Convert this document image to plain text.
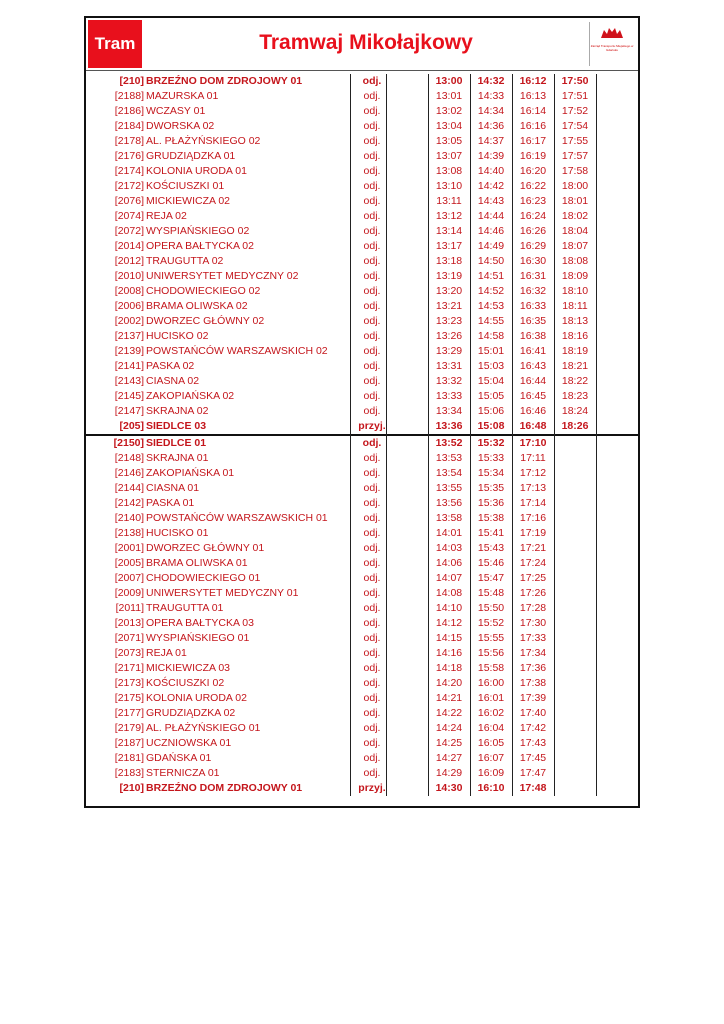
Tram	Tramwaj Mikołajkowy	Zarząd Transportu Miejskiego w Gdańsku
[210] BRZEŹNO DOM ZDROJOWY 01	odj.	13:00	14:32	16:12	17:50
[2188] MAZURSKA 01	odj.	13:01	14:33	16:13	17:51
[2186] WCZASY 01	odj.	13:02	14:34	16:14	17:52
[2184] DWORSKA 02	odj.	13:04	14:36	16:16	17:54
[2178] AL. PŁAŻYŃSKIEGO 02	odj.	13:05	14:37	16:17	17:55
[2176] GRUDZIĄDZKA 01	odj.	13:07	14:39	16:19	17:57
[2174] KOLONIA URODA 01	odj.	13:08	14:40	16:20	17:58
[2172] KOŚCIUSZKI 01	odj.	13:10	14:42	16:22	18:00
[2076] MICKIEWICZA 02	odj.	13:11	14:43	16:23	18:01
[2074] REJA 02	odj.	13:12	14:44	16:24	18:02
[2072] WYSPIAŃSKIEGO 02	odj.	13:14	14:46	16:26	18:04
[2014] OPERA BAŁTYCKA 02	odj.	13:17	14:49	16:29	18:07
[2012] TRAUGUTTA 02	odj.	13:18	14:50	16:30	18:08
[2010] UNIWERSYTET MEDYCZNY 02	odj.	13:19	14:51	16:31	18:09
[2008] CHODOWIECKIEGO 02	odj.	13:20	14:52	16:32	18:10
[2006] BRAMA OLIWSKA 02	odj.	13:21	14:53	16:33	18:11
[2002] DWORZEC GŁÓWNY 02	odj.	13:23	14:55	16:35	18:13
[2137] HUCISKO 02	odj.	13:26	14:58	16:38	18:16
[2139] POWSTAŃCÓW WARSZAWSKICH 02	odj.	13:29	15:01	16:41	18:19
[2141] PASKA 02	odj.	13:31	15:03	16:43	18:21
[2143] CIASNA 02	odj.	13:32	15:04	16:44	18:22
[2145] ZAKOPIAŃSKA 02	odj.	13:33	15:05	16:45	18:23
[2147] SKRAJNA 02	odj.	13:34	15:06	16:46	18:24
[205] SIEDLCE 03	przyj.	13:36	15:08	16:48	18:26
[2150] SIEDLCE 01	odj.	13:52	15:32	17:10
[2148] SKRAJNA 01	odj.	13:53	15:33	17:11
[2146] ZAKOPIAŃSKA 01	odj.	13:54	15:34	17:12
[2144] CIASNA 01	odj.	13:55	15:35	17:13
[2142] PASKA 01	odj.	13:56	15:36	17:14
[2140] POWSTAŃCÓW WARSZAWSKICH 01	odj.	13:58	15:38	17:16
[2138] HUCISKO 01	odj.	14:01	15:41	17:19
[2001] DWORZEC GŁÓWNY 01	odj.	14:03	15:43	17:21
[2005] BRAMA OLIWSKA 01	odj.	14:06	15:46	17:24
[2007] CHODOWIECKIEGO 01	odj.	14:07	15:47	17:25
[2009] UNIWERSYTET MEDYCZNY 01	odj.	14:08	15:48	17:26
[2011] TRAUGUTTA 01	odj.	14:10	15:50	17:28
[2013] OPERA BAŁTYCKA 03	odj.	14:12	15:52	17:30
[2071] WYSPIAŃSKIEGO 01	odj.	14:15	15:55	17:33
[2073] REJA 01	odj.	14:16	15:56	17:34
[2171] MICKIEWICZA 03	odj.	14:18	15:58	17:36
[2173] KOŚCIUSZKI 02	odj.	14:20	16:00	17:38
[2175] KOLONIA URODA 02	odj.	14:21	16:01	17:39
[2177] GRUDZIĄDZKA 02	odj.	14:22	16:02	17:40
[2179] AL. PŁAŻYŃSKIEGO 01	odj.	14:24	16:04	17:42
[2187] UCZNIOWSKA 01	odj.	14:25	16:05	17:43
[2181] GDAŃSKA 01	odj.	14:27	16:07	17:45
[2183] STERNICZA 01	odj.	14:29	16:09	17:47
[210] BRZEŹNO DOM ZDROJOWY 01	przyj.	14:30	16:10	17:48
